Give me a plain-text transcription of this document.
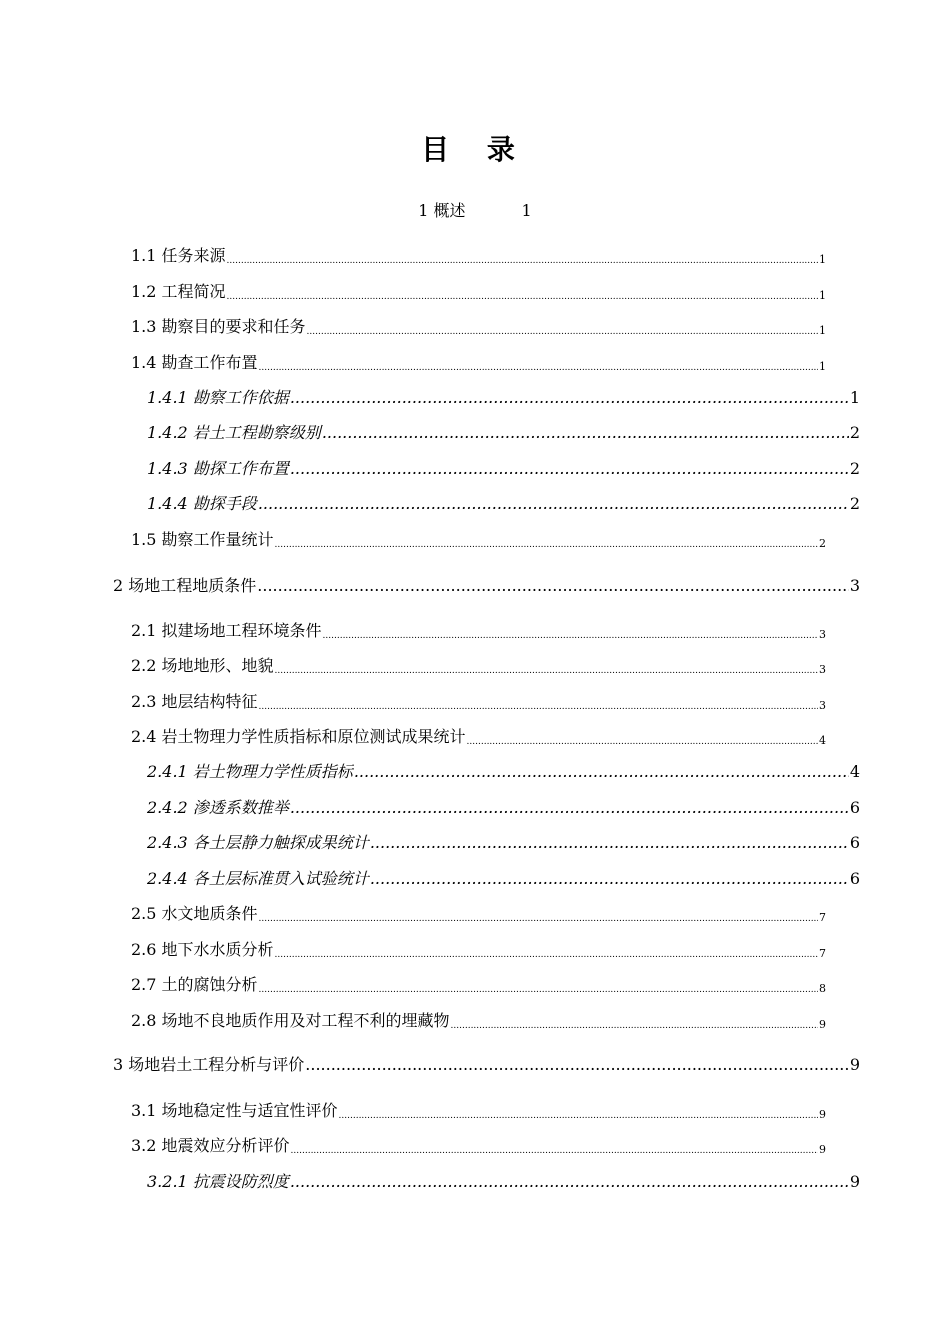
目 录
1 概述	1
1.1 任务来源 .....	1
1.2 工程简况 .....	1
1.3 勘察目的要求和任务 .....	1
1.4 勘查工作布置 .....	1
1.4.1 勘察工作依据 .....	1
1.4.2 岩土工程勘察级别 .....	2
1.4.3 勘探工作布置 .....	2
1.4.4 勘探手段 .....	2
1.5 勘察工作量统计 .....	2
2 场地工程地质条件 .....	3
2.1 拟建场地工程环境条件 .....	3
2.2 场地地形、地貌 .....	3
2.3 地层结构特征 .....	3
2.4 岩土物理力学性质指标和原位测试成果统计 .....	4
2.4.1 岩土物理力学性质指标 .....	4
2.4.2 渗透系数推举 .....	6
2.4.3 各土层静力触探成果统计 .....	6
2.4.4 各土层标准贯入试验统计 .....	6
2.5 水文地质条件 .....	7
2.6 地下水水质分析 .....	7
2.7 土的腐蚀分析 .....	8
2.8 场地不良地质作用及对工程不利的埋藏物 .....	9
3 场地岩土工程分析与评价 .....	9
3.1 场地稳定性与适宜性评价 .....	9
3.2 地震效应分析评价 .....	9
3.2.1 抗震设防烈度 .....	9
